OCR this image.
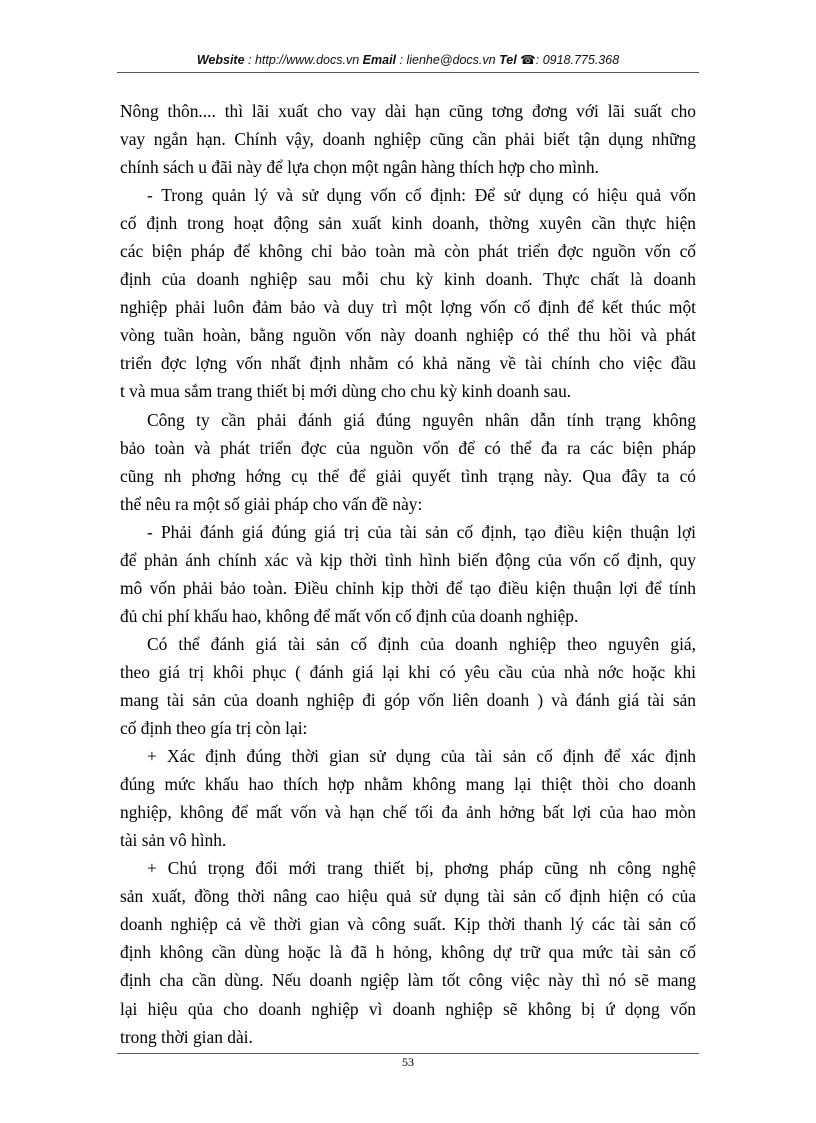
Website : http://www.docs.vn Email : lienhe@docs.vn Tel ☎: 0918.775.368
Nông thôn.... thì lãi xuất cho vay dài hạn cũng tơng đơng với lãi suất cho
vay ngắn hạn. Chính vậy, doanh nghiệp cũng cần phải biết tận dụng những
chính sách u đãi này để lựa chọn một ngân hàng thích hợp cho mình.
- Trong quản lý và sử dụng vốn cố định: Để sử dụng có hiệu quả vốn
cố định trong hoạt động sản xuất kinh doanh, thờng xuyên cần thực hiện
các biện pháp để không chỉ bảo toàn mà còn phát triển đợc nguồn vốn cố
định của doanh nghiệp sau mỗi chu kỳ kinh doanh. Thực chất là doanh
nghiệp phải luôn đảm bảo và duy trì một lợng vốn cố định để kết thúc một
vòng tuần hoàn, bằng nguồn vốn này doanh nghiệp có thể thu hồi và phát
triển đợc lợng vốn nhất định nhằm có khả năng về tài chính cho việc đầu
t và mua sắm trang thiết bị mới dùng cho chu kỳ kinh doanh sau.
Công ty cần phải đánh giá đúng nguyên nhân dẫn tính trạng không
bảo toàn và phát triển đợc của nguồn vốn để có thể đa ra các biện pháp
cũng nh phơng hớng cụ thể để giải quyết tình trạng này. Qua đây ta có
thể nêu ra một số giải pháp cho vấn đề này:
- Phải đánh giá đúng giá trị của tài sản cố định, tạo điều kiện thuận lợi
để phản ánh chính xác và kịp thời tình hình biến động của vốn cố định, quy
mô vốn phải bảo toàn. Điều chỉnh kịp thời để tạo điều kiện thuận lợi để tính
đủ chi phí khấu hao, không để mất vốn cố định của doanh nghiệp.
Có thể đánh giá tài sản cố định của doanh nghiệp theo nguyên giá,
theo giá trị khôi phục ( đánh giá lại khi có yêu cầu của nhà nớc hoặc khi
mang tài sản của doanh nghiệp đi góp vốn liên doanh ) và đánh giá tài sản
cố định theo gía trị còn lại:
+ Xác định đúng thời gian sử dụng của tài sản cố định để xác định
đúng mức khấu hao thích hợp nhằm không mang lại thiệt thòi cho doanh
nghiệp, không để mất vốn và hạn chế tối đa ảnh hởng bất lợi của hao mòn
tài sản vô hình.
+ Chú trọng đổi mới trang thiết bị, phơng pháp cũng nh công nghệ
sản xuất, đồng thời nâng cao hiệu quả sử dụng tài sản cố định hiện có của
doanh nghiệp cả về thời gian và công suất. Kịp thời thanh lý các tài sản cố
định không cần dùng hoặc là đã h hỏng, không dự trữ qua mức tài sản cố
định cha cần dùng. Nếu doanh ngiệp làm tốt công việc này thì nó sẽ mang
lại hiệu qủa cho doanh nghiệp vì doanh nghiệp sẽ không bị ứ dọng vốn
trong thời gian dài.
53
